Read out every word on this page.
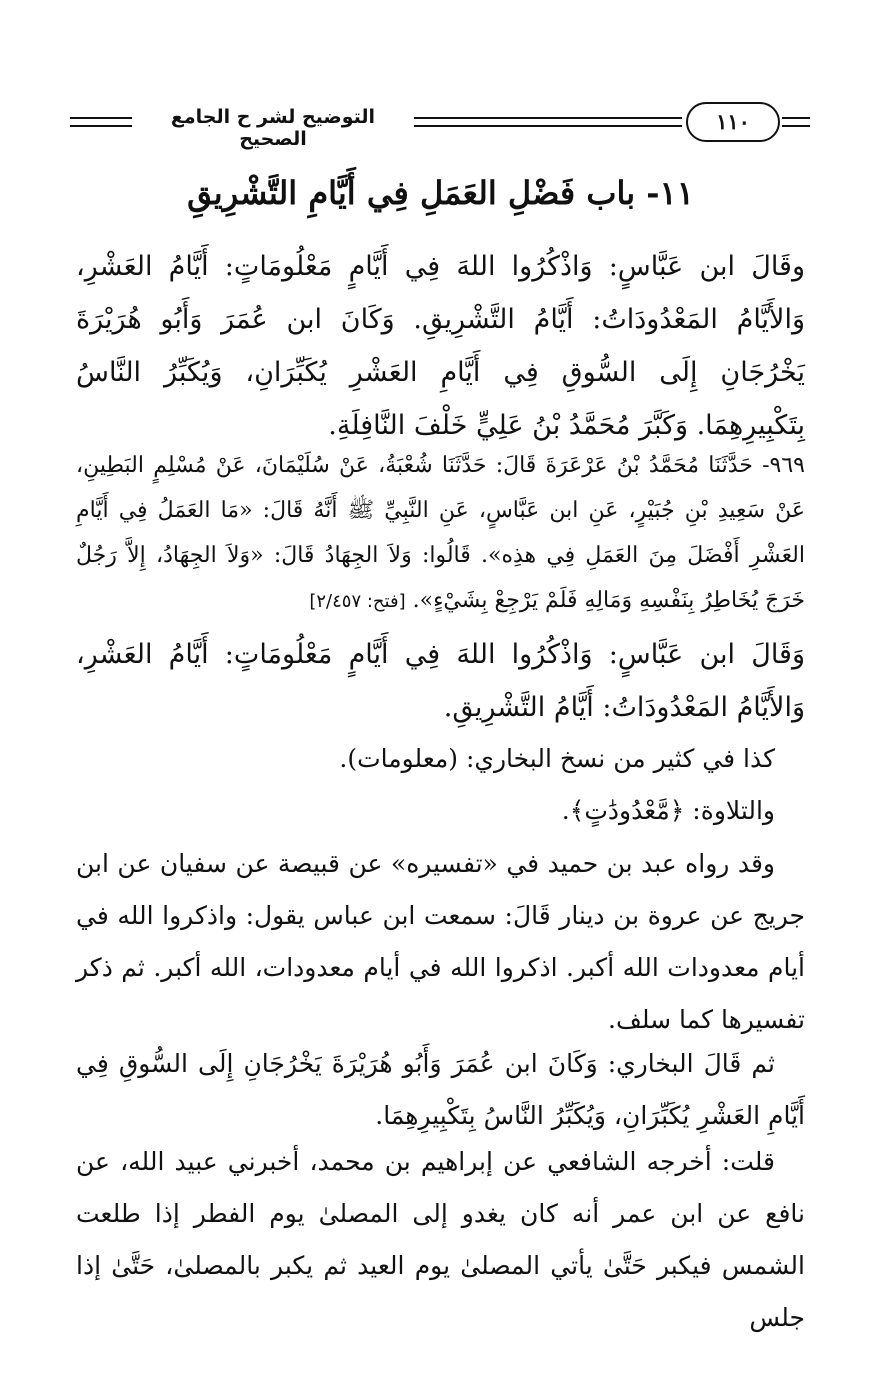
التوضيح لشر ح الجامع الصحيح
١١٠
١١- باب فَضْلِ العَمَلِ فِي أَيَّامِ التَّشْرِيقِ
وقَالَ ابن عَبَّاسٍ: وَاذْكُرُوا اللهَ فِي أَيَّامٍ مَعْلُومَاتٍ: أَيَّامُ العَشْرِ، وَالأَيَّامُ المَعْدُودَاتُ: أَيَّامُ التَّشْرِيقِ. وَكَانَ ابن عُمَرَ وَأَبُو هُرَيْرَةَ يَخْرُجَانِ إِلَى السُّوقِ فِي أَيَّامِ العَشْرِ يُكَبِّرَانِ، وَيُكَبِّرُ النَّاسُ بِتَكْبِيرِهِمَا. وَكَبَّرَ مُحَمَّدُ بْنُ عَلِيٍّ خَلْفَ النَّافِلَةِ.
٩٦٩- حَدَّثَنَا مُحَمَّدُ بْنُ عَرْعَرَةَ قَالَ: حَدَّثَنَا شُعْبَةُ، عَنْ سُلَيْمَانَ، عَنْ مُسْلِمٍ البَطِينِ، عَنْ سَعِيدِ بْنِ جُبَيْرٍ، عَنِ ابن عَبَّاسٍ، عَنِ النَّبِيِّ ﷺ أَنَّهُ قَالَ: «مَا العَمَلُ فِي أَيَّامِ العَشْرِ أَفْضَلَ مِنَ العَمَلِ فِي هذِه». قَالُوا: وَلاَ الجِهَادُ قَالَ: «وَلاَ الجِهَادُ، إِلاَّ رَجُلٌ خَرَجَ يُخَاطِرُ بِنَفْسِهِ وَمَالِهِ فَلَمْ يَرْجِعْ بِشَيْءٍ». [فتح: ٢/٤٥٧]
وَقَالَ ابن عَبَّاسٍ: وَاذْكُرُوا اللهَ فِي أَيَّامٍ مَعْلُومَاتٍ: أَيَّامُ العَشْرِ، وَالأَيَّامُ المَعْدُودَاتُ: أَيَّامُ التَّشْرِيقِ.
كذا في كثير من نسخ البخاري: (معلومات).
والتلاوة: ﴿مَّعْدُودَٰتٍ﴾.
وقد رواه عبد بن حميد في «تفسيره» عن قبيصة عن سفيان عن ابن جريج عن عروة بن دينار قَالَ: سمعت ابن عباس يقول: واذكروا الله في أيام معدودات الله أكبر. اذكروا الله في أيام معدودات، الله أكبر. ثم ذكر تفسيرها كما سلف.
ثم قَالَ البخاري: وَكَانَ ابن عُمَرَ وَأَبُو هُرَيْرَةَ يَخْرُجَانِ إِلَى السُّوقِ فِي أَيَّامِ العَشْرِ يُكَبِّرَانِ، وَيُكَبِّرُ النَّاسُ بِتَكْبِيرِهِمَا.
قلت: أخرجه الشافعي عن إبراهيم بن محمد، أخبرني عبيد الله، عن نافع عن ابن عمر أنه كان يغدو إلى المصلىٰ يوم الفطر إذا طلعت الشمس فيكبر حَتَّىٰ يأتي المصلىٰ يوم العيد ثم يكبر بالمصلىٰ، حَتَّىٰ إذا جلس
